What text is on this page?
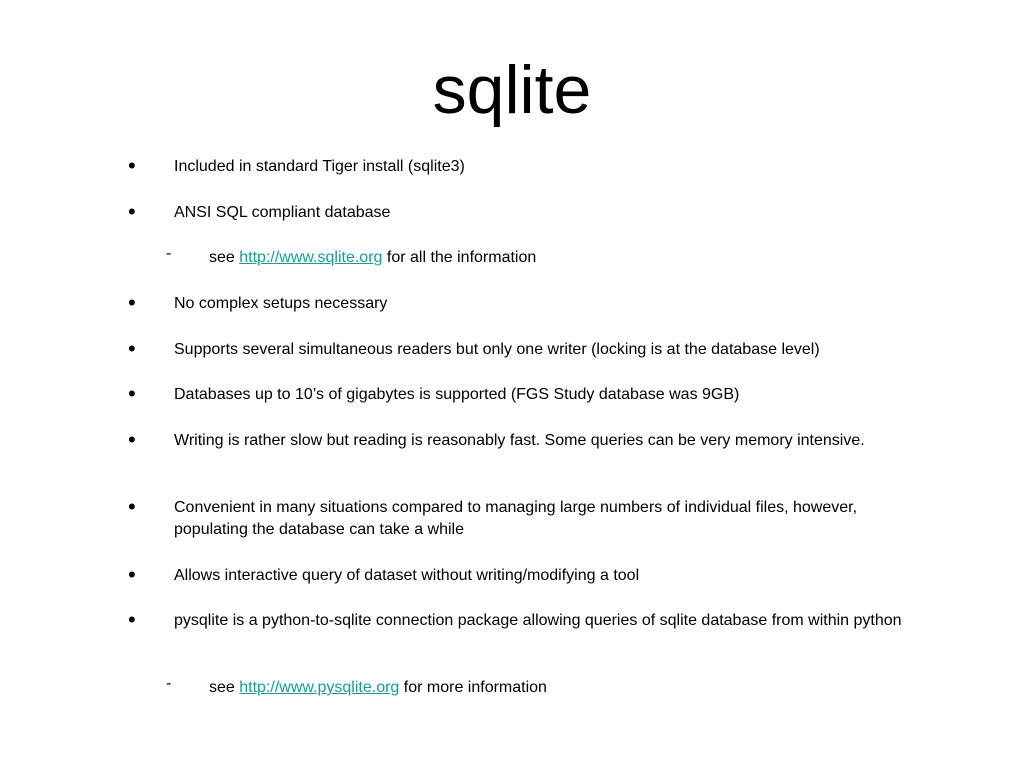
sqlite
• Included in standard Tiger install (sqlite3)
• ANSI SQL compliant database
- see http://www.sqlite.org for all the information
• No complex setups necessary
• Supports several simultaneous readers but only one writer (locking is at the database level)
• Databases up to 10’s of gigabytes is supported (FGS Study database was 9GB)
• Writing is rather slow but reading is reasonably fast. Some queries can be very memory intensive.
• Convenient in many situations compared to managing large numbers of individual files, however, populating the database can take a while
• Allows interactive query of dataset without writing/modifying a tool
• pysqlite is a python-to-sqlite connection package allowing queries of sqlite database from within python
- see http://www.pysqlite.org for more information
